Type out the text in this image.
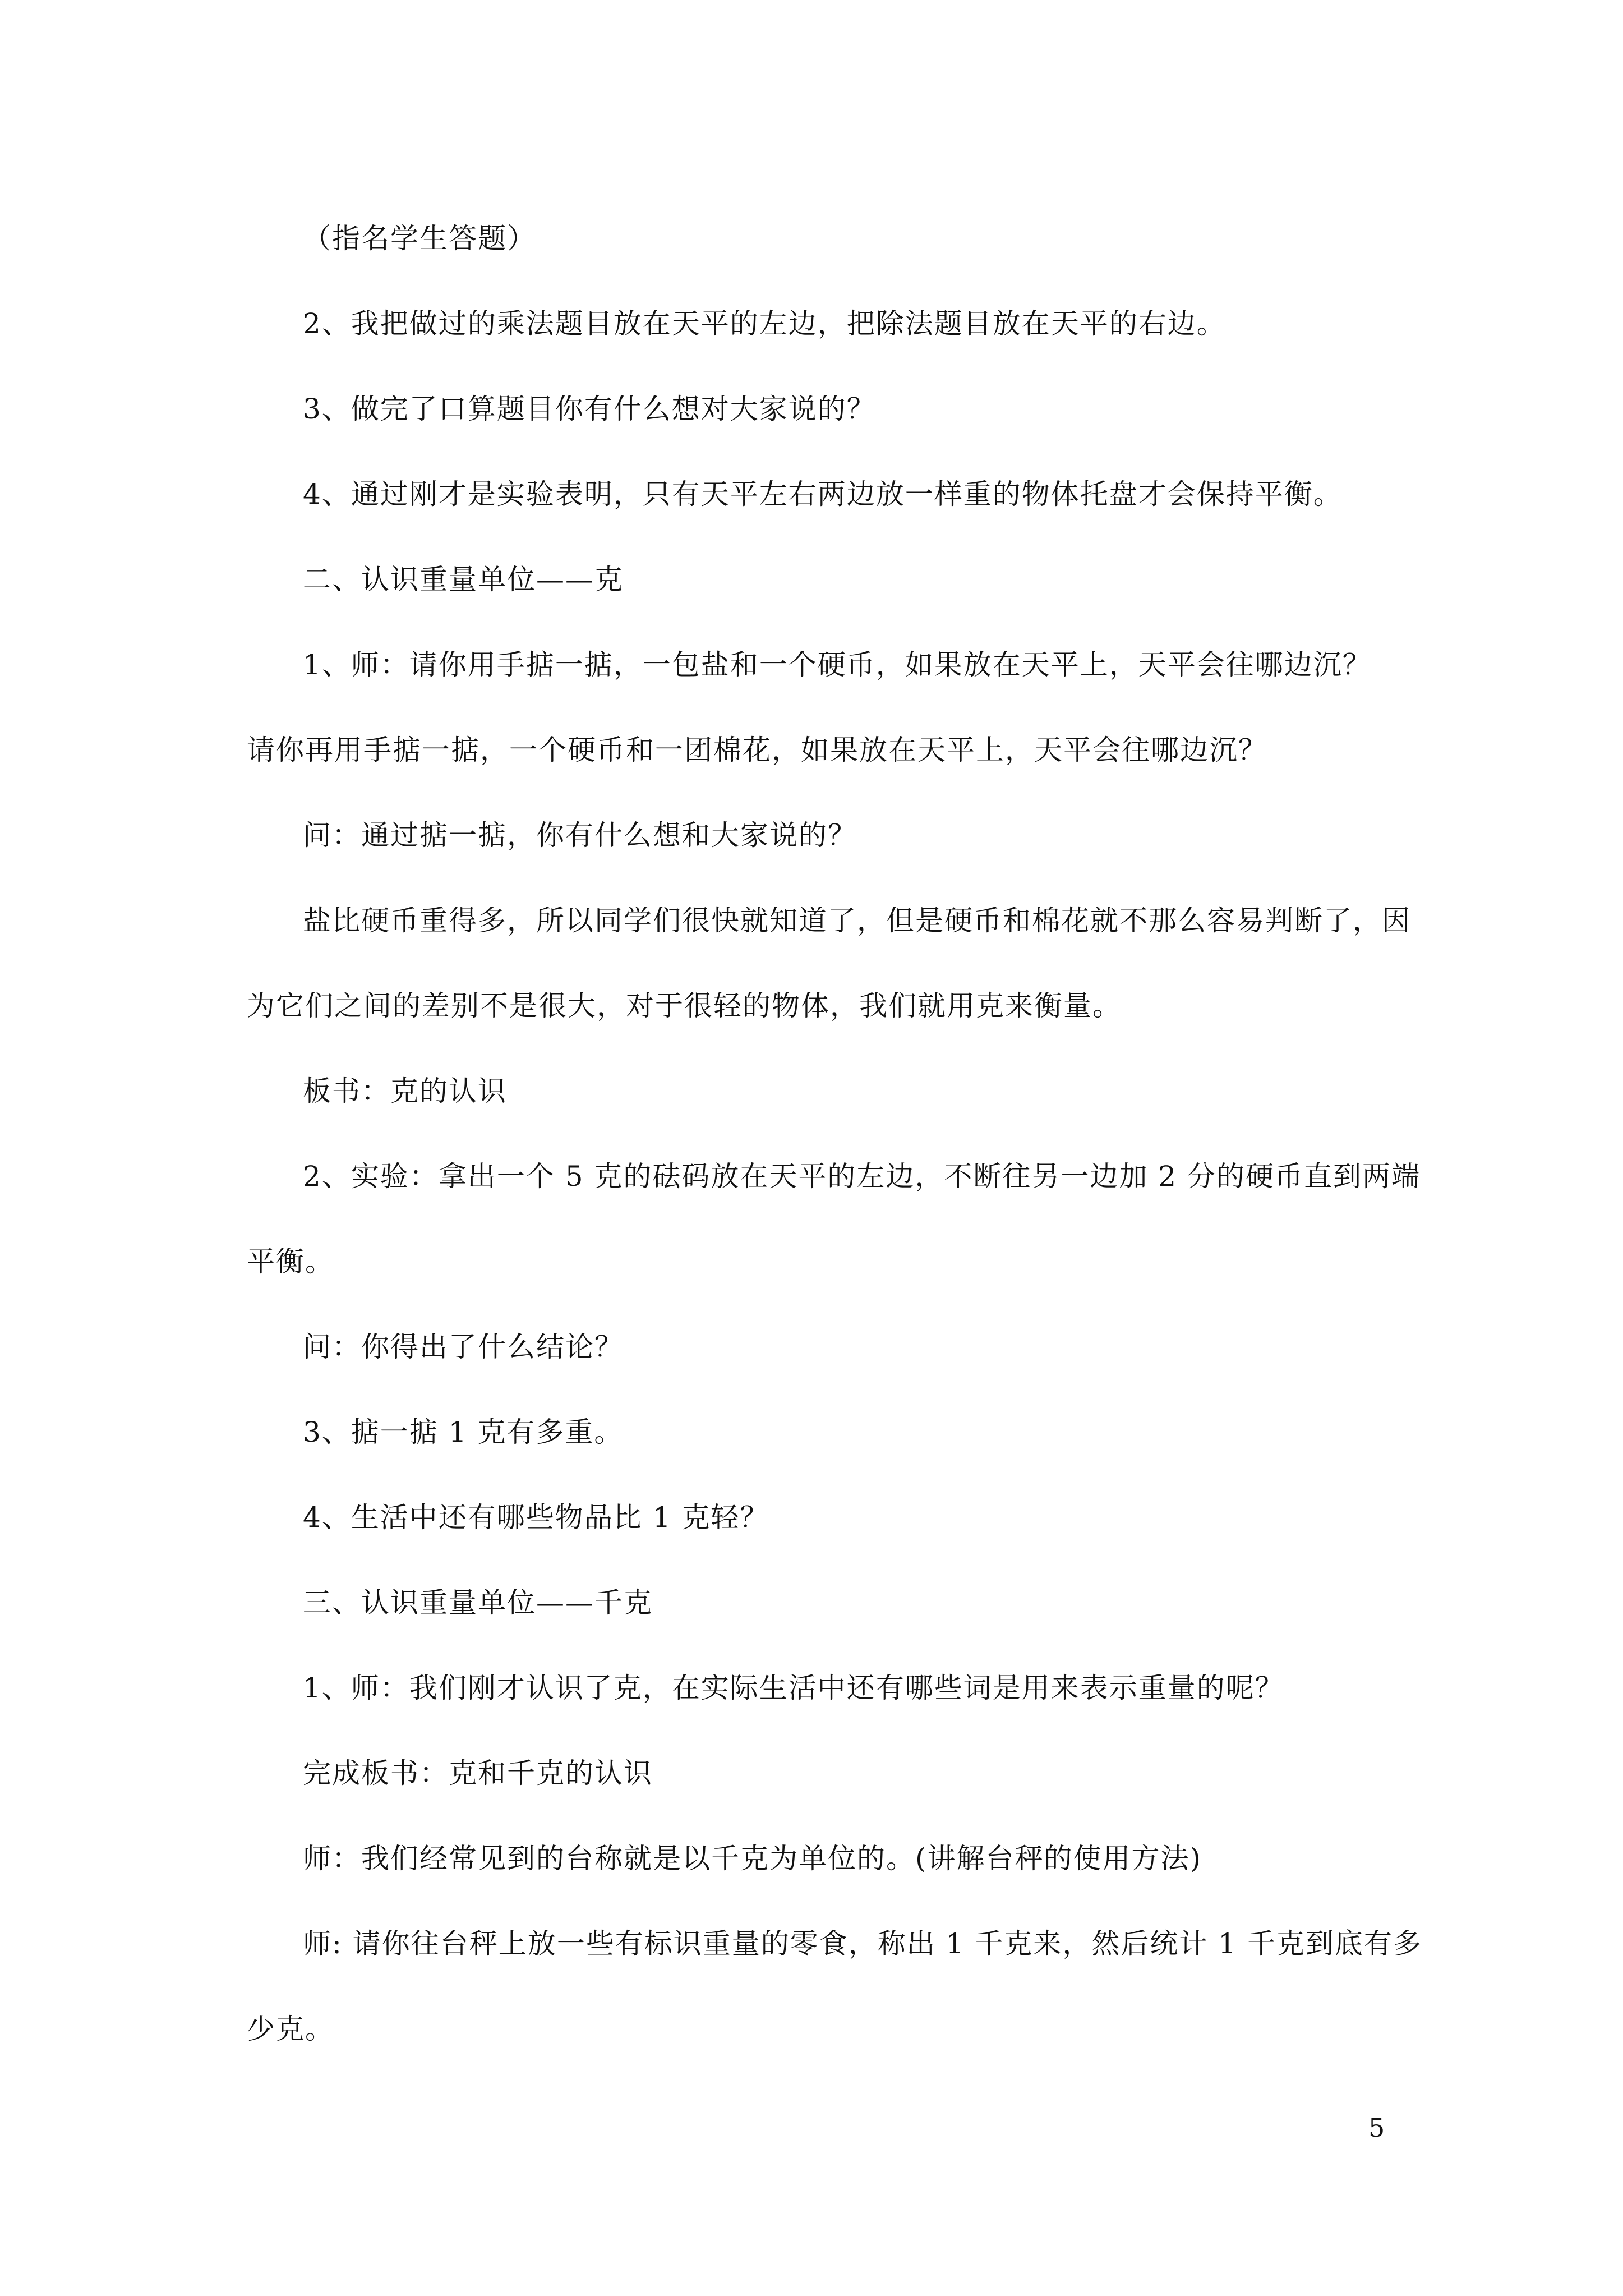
（指名学生答题）
2、我把做过的乘法题目放在天平的左边，把除法题目放在天平的右边。
3、做完了口算题目你有什么想对大家说的？
4、通过刚才是实验表明，只有天平左右两边放一样重的物体托盘才会保持平衡。
二、认识重量单位——克
1、师：请你用手掂一掂，一包盐和一个硬币，如果放在天平上，天平会往哪边沉？
请你再用手掂一掂，一个硬币和一团棉花，如果放在天平上，天平会往哪边沉？
问：通过掂一掂，你有什么想和大家说的？
盐比硬币重得多，所以同学们很快就知道了，但是硬币和棉花就不那么容易判断了，因
为它们之间的差别不是很大，对于很轻的物体，我们就用克来衡量。
板书：克的认识
2、实验：拿出一个 5 克的砝码放在天平的左边，不断往另一边加 2 分的硬币直到两端
平衡。
问：你得出了什么结论？
3、掂一掂 1 克有多重。
4、生活中还有哪些物品比 1 克轻？
三、认识重量单位——千克
1、师：我们刚才认识了克，在实际生活中还有哪些词是用来表示重量的呢？
完成板书：克和千克的认识
师：我们经常见到的台称就是以千克为单位的。(讲解台秤的使用方法)
师: 请你往台秤上放一些有标识重量的零食，称出 1 千克来，然后统计 1 千克到底有多
少克。
5
